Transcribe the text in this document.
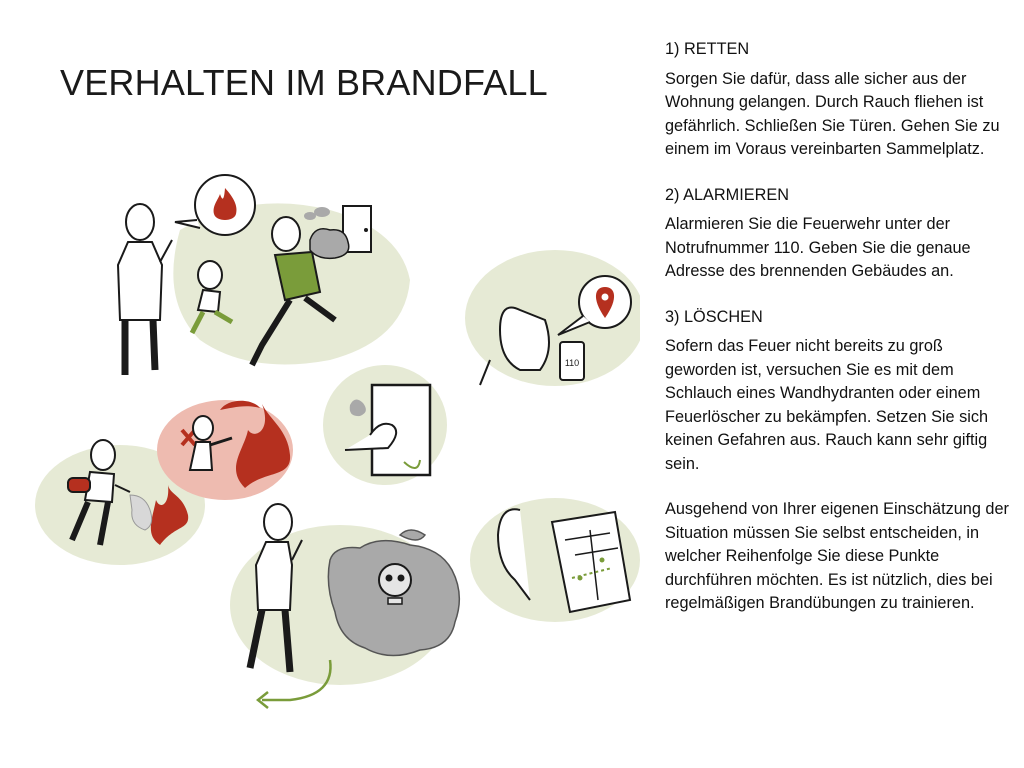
VERHALTEN IM BRANDFALL
110

1) RETTEN

Sorgen Sie dafür, dass alle sicher aus der Wohnung gelangen. Durch Rauch fliehen ist gefährlich. Schließen Sie Türen. Gehen Sie zu einem im Voraus vereinbarten Sammelplatz.

2) ALARMIEREN

Alarmieren Sie die Feuerwehr unter der Notrufnummer 110. Geben Sie die genaue Adresse des brennenden Gebäudes an.

3) LÖSCHEN

Sofern das Feuer nicht bereits zu groß geworden ist, versuchen Sie es mit dem Schlauch eines Wandhydranten oder einem Feuerlöscher zu bekämpfen. Setzen Sie sich keinen Gefahren aus. Rauch kann sehr giftig sein.

Ausgehend von Ihrer eigenen Einschätzung der Situation müssen Sie selbst entscheiden, in welcher Reihenfolge Sie diese Punkte durchführen möchten. Es ist nützlich, dies bei regelmäßigen Brandübungen zu trainieren.
